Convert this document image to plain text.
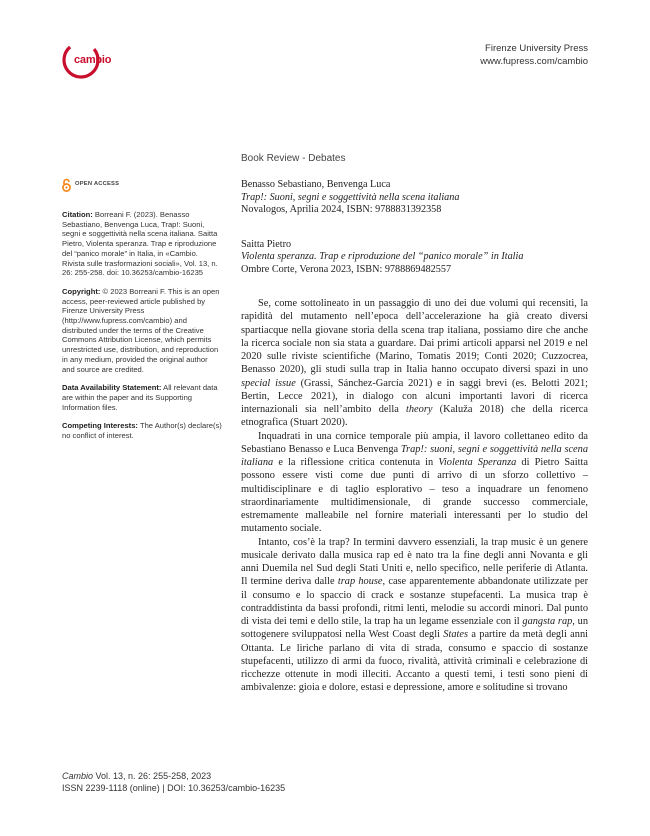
cambio
Firenze University Press
www.fupress.com/cambio
Book Review - Debates
OPEN ACCESS
Citation: Borreani F. (2023). Benasso Sebastiano, Benvenga Luca, Trap!: Suoni, segni e soggettività nella scena italiana. Saitta Pietro, Violenta speranza. Trap e riproduzione del “panico morale” in Italia, in «Cambio. Rivista sulle trasformazioni sociali», Vol. 13, n. 26: 255-258. doi: 10.36253/cambio-16235
Copyright: © 2023 Borreani F. This is an open access, peer-reviewed article published by Firenze University Press (http://www.fupress.com/cambio) and distributed under the terms of the Creative Commons Attribution License, which permits unrestricted use, distribution, and reproduction in any medium, provided the original author and source are credited.
Data Availability Statement: All relevant data are within the paper and its Supporting Information files.
Competing Interests: The Author(s) declare(s) no conflict of interest.
Benasso Sebastiano, Benvenga Luca
Trap!: Suoni, segni e soggettività nella scena italiana
Novalogos, Aprilia 2024, ISBN: 9788831392358
Saitta Pietro
Violenta speranza. Trap e riproduzione del “panico morale” in Italia
Ombre Corte, Verona 2023, ISBN: 9788869482557

Se, come sottolineato in un passaggio di uno dei due volumi qui recensiti, la rapidità del mutamento nell’epoca dell’accelerazione ha già creato diversi spartiacque nella giovane storia della scena trap italiana, possiamo dire che anche la ricerca sociale non sia stata a guardare. Dai primi articoli apparsi nel 2019 e nel 2020 sulle riviste scientifiche (Marino, Tomatis 2019; Conti 2020; Cuzzocrea, Benasso 2020), gli studi sulla trap in Italia hanno occupato diversi spazi in uno special issue (Grassi, Sánchez-García 2021) e in saggi brevi (es. Belotti 2021; Bertin, Lecce 2021), in dialogo con alcuni importanti lavori di ricerca internazionali sia nell’ambito della theory (Kaluža 2018) che della ricerca etnografica (Stuart 2020).

Inquadrati in una cornice temporale più ampia, il lavoro collettaneo edito da Sebastiano Benasso e Luca Benvenga Trap!: suoni, segni e soggettività nella scena italiana e la riflessione critica contenuta in Violenta Speranza di Pietro Saitta possono essere visti come due punti di arrivo di un sforzo collettivo – multidisciplinare e di taglio esplorativo – teso a inquadrare un fenomeno straordinariamente multidimensionale, di grande successo commerciale, estremamente malleabile nel fornire materiali interessanti per lo studio del mutamento sociale.

Intanto, cos’è la trap? In termini davvero essenziali, la trap music è un genere musicale derivato dalla musica rap ed è nato tra la fine degli anni Novanta e gli anni Duemila nel Sud degli Stati Uniti e, nello specifico, nelle periferie di Atlanta. Il termine deriva dalle trap house, case apparentemente abbandonate utilizzate per il consumo e lo spaccio di crack e sostanze stupefacenti. La musica trap è contraddistinta da bassi profondi, ritmi lenti, melodie su accordi minori. Dal punto di vista dei temi e dello stile, la trap ha un legame essenziale con il gangsta rap, un sottogenere sviluppatosi nella West Coast degli States a partire da metà degli anni Ottanta. Le liriche parlano di vita di strada, consumo e spaccio di sostanze stupefacenti, utilizzo di armi da fuoco, rivalità, attività criminali e celebrazione di ricchezze ottenute in modi illeciti. Accanto a questi temi, i testi sono pieni di ambivalenze: gioia e dolore, estasi e depressione, amore e solitudine si trovano

Cambio Vol. 13, n. 26: 255-258, 2023
ISSN 2239-1118 (online) | DOI: 10.36253/cambio-16235
